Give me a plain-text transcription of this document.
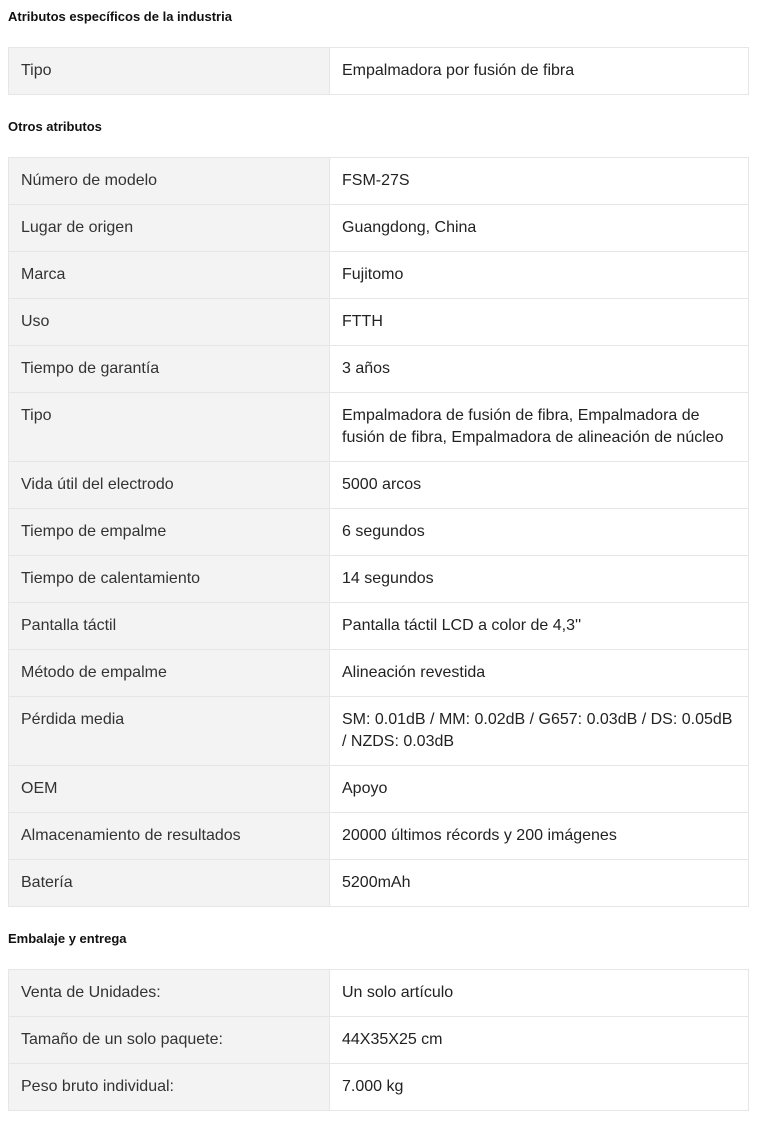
Atributos específicos de la industria
Tipo	Empalmadora por fusión de fibra
Otros atributos
Número de modelo	FSM-27S
Lugar de origen	Guangdong, China
Marca	Fujitomo
Uso	FTTH
Tiempo de garantía	3 años
Tipo	Empalmadora de fusión de fibra, Empalmadora de fusión de fibra, Empalmadora de alineación de núcleo
Vida útil del electrodo	5000 arcos
Tiempo de empalme	6 segundos
Tiempo de calentamiento	14 segundos
Pantalla táctil	Pantalla táctil LCD a color de 4,3''
Método de empalme	Alineación revestida
Pérdida media	SM: 0.01dB / MM: 0.02dB / G657: 0.03dB / DS: 0.05dB / NZDS: 0.03dB
OEM	Apoyo
Almacenamiento de resultados	20000 últimos récords y 200 imágenes
Batería	5200mAh
Embalaje y entrega
Venta de Unidades:	Un solo artículo
Tamaño de un solo paquete:	44X35X25 cm
Peso bruto individual:	7.000 kg
